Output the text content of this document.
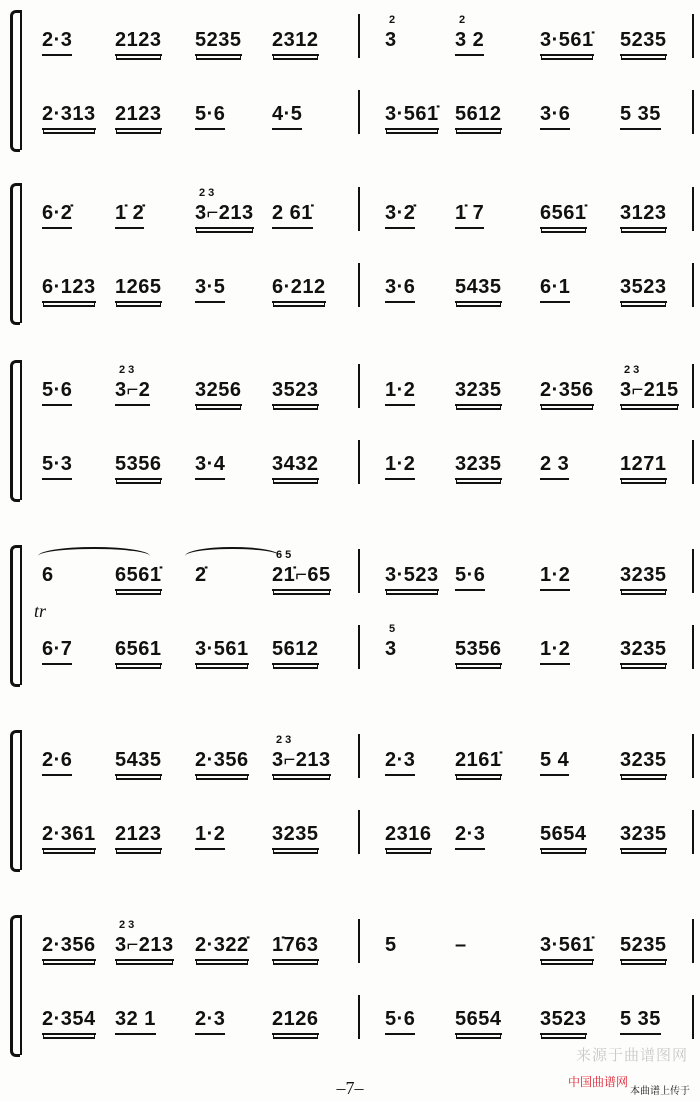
2·3 2123 5235 2312	3	3 2	3·561̇ 5235
2·313 2123 5·6 4·5	3·561̇ 5612 3·6 5 35
2	2
6·2̇ 1̇ 2̇	3⌐213 2 61̇	3·2̇ 1̇ 7	6561̇ 3123
6·123 1265 3·5 6·212	3·6 5435 6·1 3523
2 3
5·6 3⌐2 3256 3523	1·2 3235 2·356 3⌐215
5·3 5356 3·4 3432	1·2 3235 2 3	1271
2 3	2 3
6	6561̇ 2̇	21̇⌐65	3·523 5·6	1·2 3235
6·7 6561 3·561 5612	3	5356 1·2 3235
6 5
5
tr
2·6 5435 2·356 3⌐213	2·3 2161̇ 5 4	3235
2·361 2123 1·2 3235	2316 2·3	5654 3235
2 3
2·356 3⌐213 2·322̇ 1̇763	5	–	3·561̇ 5235
2·354 32 1 2·3 2126	5·6 5654 3523 5 35
2 3
–7–	本曲谱上传于
来源于曲谱图网
中国曲谱网
